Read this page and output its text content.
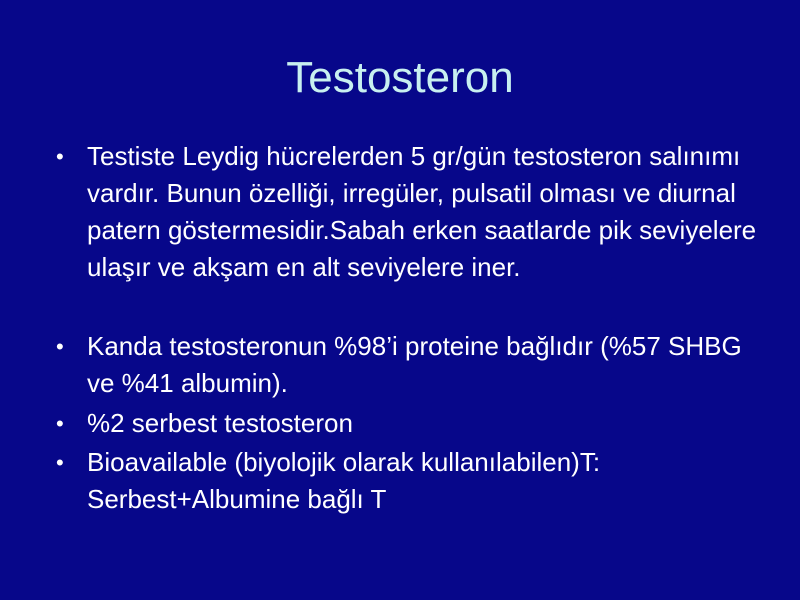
Testosteron
• Testiste Leydig hücrelerden 5 gr/gün testosteron salınımı vardır. Bunun özelliği, irregüler, pulsatil olması ve diurnal patern göstermesidir.Sabah erken saatlarde pik seviyelere ulaşır ve akşam en alt seviyelere iner.
• Kanda testosteronun %98’i proteine bağlıdır (%57 SHBG ve %41 albumin).
• %2 serbest testosteron
• Bioavailable (biyolojik olarak kullanılabilen)T: Serbest+Albumine bağlı T
